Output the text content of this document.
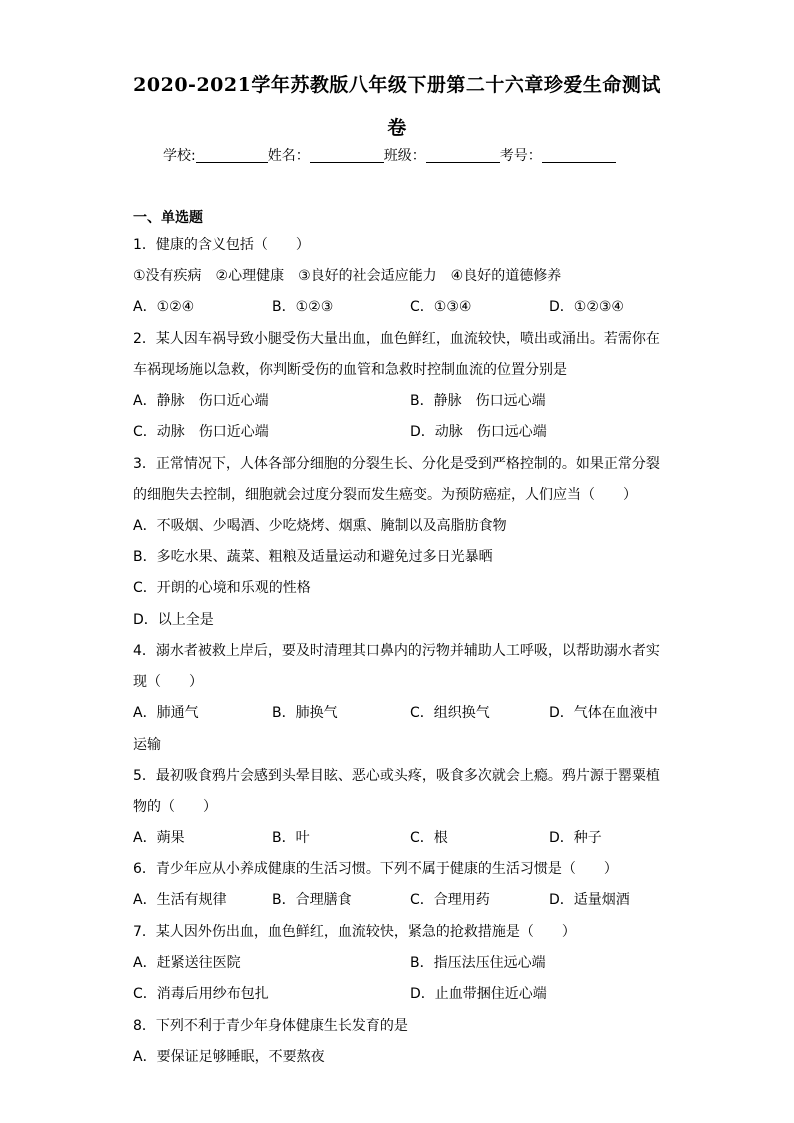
2020-2021学年苏教版八年级下册第二十六章珍爱生命测试
卷
学校:	姓名：	班级：	考号：
一、单选题
1．健康的含义包括（　　）
①没有疾病　②心理健康　③良好的社会适应能力　④良好的道德修养
A．①②④	B．①②③	C．①③④	D．①②③④
2．某人因车祸导致小腿受伤大量出血，血色鲜红，血流较快，喷出或涌出。若需你在
车祸现场施以急救，你判断受伤的血管和急救时控制血流的位置分别是
A．静脉　伤口近心端	B．静脉　伤口远心端
C．动脉　伤口近心端	D．动脉　伤口远心端
3．正常情况下，人体各部分细胞的分裂生长、分化是受到严格控制的。如果正常分裂
的细胞失去控制，细胞就会过度分裂而发生癌变。为预防癌症，人们应当（　　）
A．不吸烟、少喝酒、少吃烧烤、烟熏、腌制以及高脂肪食物
B．多吃水果、蔬菜、粗粮及适量运动和避免过多日光暴晒
C．开朗的心境和乐观的性格
D．以上全是
4．溺水者被救上岸后，要及时清理其口鼻内的污物并辅助人工呼吸，以帮助溺水者实
现（　　）
A．肺通气	B．肺换气	C．组织换气	D．气体在血液中
运输
5．最初吸食鸦片会感到头晕目眩、恶心或头疼，吸食多次就会上瘾。鸦片源于罂粟植
物的（　　）
A．蒴果	B．叶	C．根	D．种子
6．青少年应从小养成健康的生活习惯。下列不属于健康的生活习惯是（　　）
A．生活有规律	B．合理膳食	C．合理用药	D．适量烟酒
7．某人因外伤出血，血色鲜红，血流较快，紧急的抢救措施是（　　）
A．赶紧送往医院	B．指压法压住远心端
C．消毒后用纱布包扎	D．止血带捆住近心端
8．下列不利于青少年身体健康生长发育的是
A．要保证足够睡眠，不要熬夜
